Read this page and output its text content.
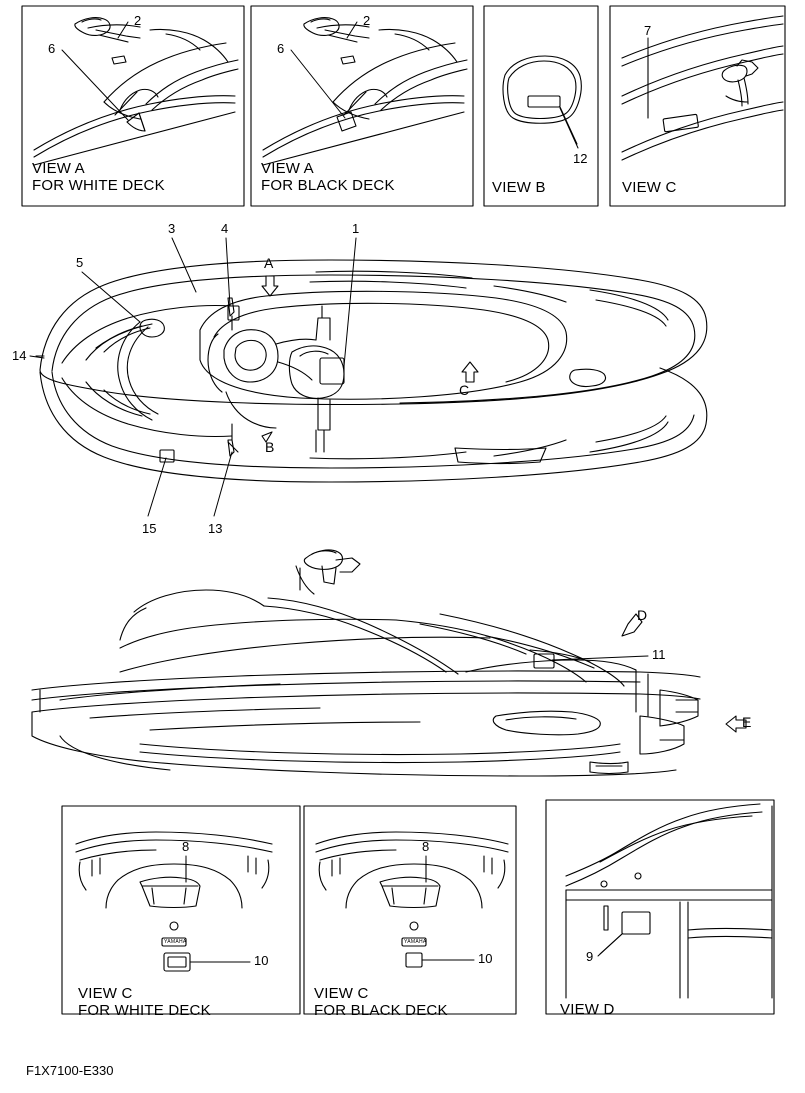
VIEW A
FOR WHITE DECK
VIEW A
FOR BLACK DECK	VIEW B	VIEW C
VIEW C
FOR WHITE DECK
VIEW C
FOR BLACK DECK	VIEW D
YAMAHA	YAMAHA
6
2
6
2
12
7
5
3	4	1
14
15	13
11
8
10
8
10	9
A
B
C
D
E
F1X7100-E330
